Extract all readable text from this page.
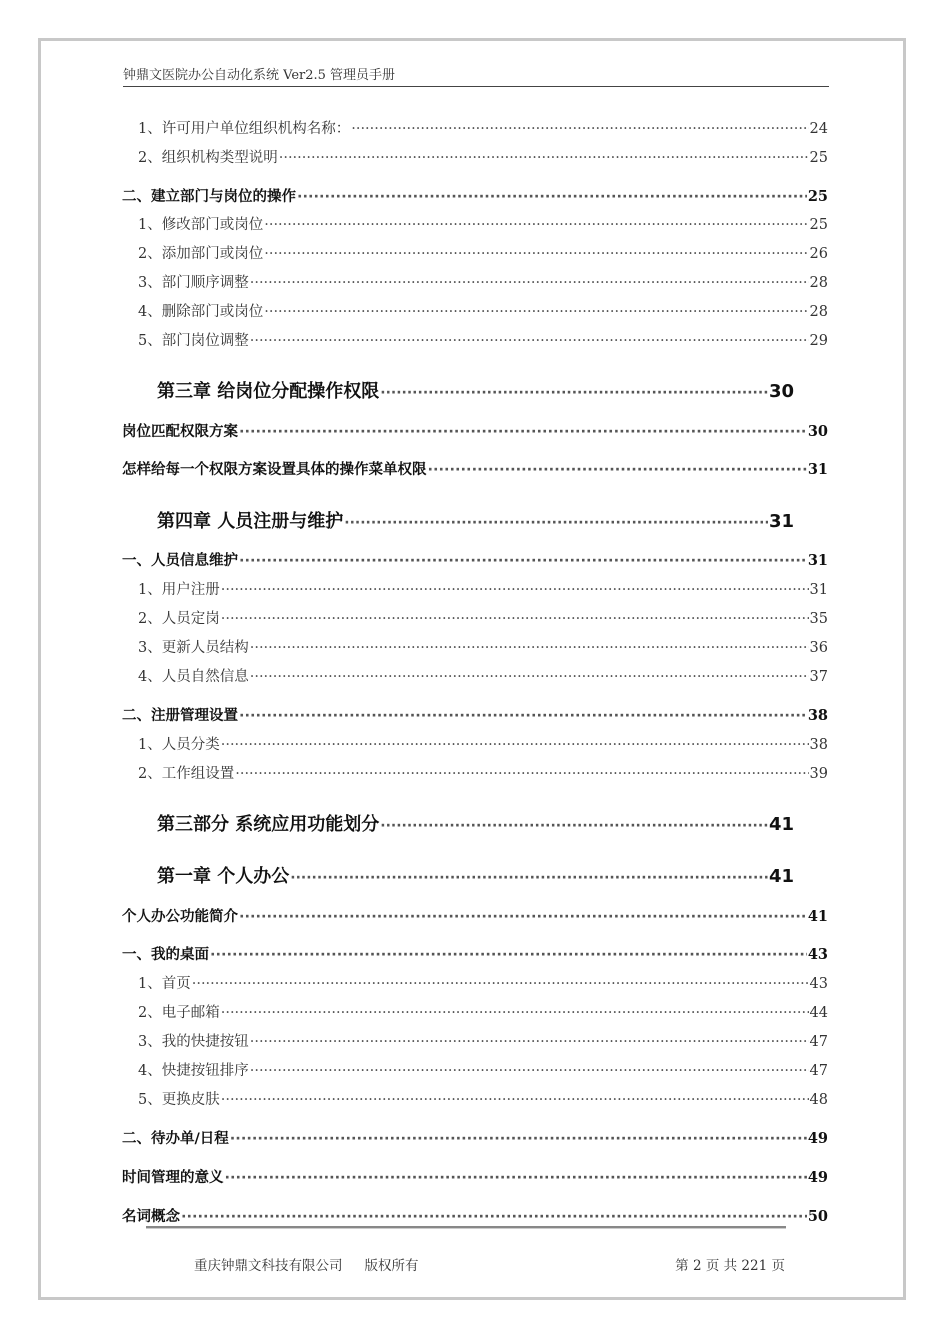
钟鼎文医院办公自动化系统 Ver2.5 管理员手册
1、许可用户单位组织机构名称： ·····	24
2、组织机构类型说明 ·····	25
二、建立部门与岗位的操作 ·····	25
1、修改部门或岗位 ·····	25
2、添加部门或岗位 ·····	26
3、部门顺序调整 ·····	28
4、删除部门或岗位 ·····	28
5、部门岗位调整 ·····	29
第三章 给岗位分配操作权限 ·····	30
岗位匹配权限方案 ·····	30
怎样给每一个权限方案设置具体的操作菜单权限 ·····	31
第四章 人员注册与维护 ·····	31
一、人员信息维护 ·····	31
1、用户注册 ·····	31
2、人员定岗 ·····	35
3、更新人员结构 ·····	36
4、人员自然信息 ·····	37
二、注册管理设置 ·····	38
1、人员分类 ·····	38
2、工作组设置 ·····	39
第三部分 系统应用功能划分 ·····	41
第一章 个人办公 ·····	41
个人办公功能简介 ·····	41
一、我的桌面 ·····	43
1、首页 ·····	43
2、电子邮箱 ·····	44
3、我的快捷按钮 ·····	47
4、快捷按钮排序 ·····	47
5、更换皮肤 ·····	48
二、待办单/日程 ·····	49
时间管理的意义 ·····	49
名词概念 ·····	50
重庆钟鼎文科技有限公司 版权所有	第 2 页 共 221 页
